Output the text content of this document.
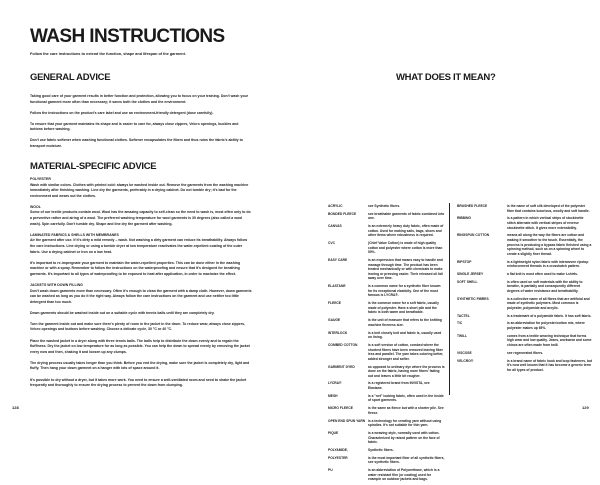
WASH INSTRUCTIONS
Follow the care instructions to extend the function, shape and lifespan of the garment.
GENERAL ADVICE

Taking good care of your garment results in better function and protection, allowing you to focus on your training. Don't wash your functional garment more often than necessary; it saves both the clothes and the environment.

Follow the instructions on the product's care label and use an environment-friendly detergent (dose carefully).

To ensure that your garment maintains its shape and is easier to care for, always close zippers, Velcro openings, buckles and buttons before washing.

Don't use fabric softener when washing functional clothes. Softener encapsulates the fibers and thus ruins the fabric's ability to transport moisture.

MATERIAL-SPECIFIC ADVICE

POLYESTER
Wash with similar colors. Clothes with printed cold: always be washed inside out. Remove the garments from the washing machine immediately after finishing washing. Line dry the garments, preferably in a drying cabinet. Do not tumble dry; it's bad for the environment and wears out the clothes.

WOOL
Some of our textile products contain wool. Wool has the amazing capacity to self-clean so the need to wash is, most often only to do a preventive rather and airing of a wool. The preferred washing temperature for wool garments is 30 degrees (also called a wool wash). Spin carefully. Don't tumble dry. Shape and line dry the garment after washing.

LAMINATED FABRICS & SHELLS WITH MEMBRANES
Air the garment after use. If it's dirty a mild remedy – wash. Not washing a dirty garment can reduce its breathability. Always follow the care instructions. Line drying or using a tumble dryer at low temperature reactivates the water-repellent coating of the outer fabric. Use a drying cabinet or iron on a low heat.

It's important to re-impregnate your garment to maintain the water-repellent properties. This can be done either in the washing machine or with a spray. Remember to follow the instructions on the waterproofing and ensure that it's designed for breathing garments. It's important to all types of waterproofing to be exposed to heat after application, in order to maximize the effect.

JACKETS WITH DOWN FILLING
Don't wash down garments more than necessary. Often it's enough to clean the garment with a damp cloth. However, down garments can be washed as long as you do it the right way. Always follow the care instructions on the garment and use neither too little detergent than too much.

Down garments should be washed inside out on a suitable cycle with tennis balls until they are completely dry.

Turn the garment inside out and make sure there's plenty of room in the jacket in the drum. To reduce wear, always close zippers, Velcro openings and buttons before washing. Choose a delicate cycle, 30 °C or 40 °C.

Place the washed jacket in a dryer along with three tennis balls. The balls help to distribute the down evenly and to regain the fluffiness. Dry the jacket on low temperature for as long as possible. You can help the down to spread evenly by removing the jacket every now and then, shaking it and loosen up any clumps.

The drying process usually takes longer than you think. Before you end the drying, make sure the jacket is completely dry, light and fluffy. Then hang your down garment on a hanger with lots of space around it.

It's possible to dry without a dryer, but it takes more work. You need to ensure a well-ventilated room and need to shake the jacket frequently and thoroughly to ensure the drying process to prevent the down from clumping.

WHAT DOES IT MEAN?
ACRYLIC	see Synthetic fibers.
BONDED FLEECE	see breathable garments of fabric combined into one.
CANVAS	is an extremely heavy duty fabric, often made of cotton. Used for making sails, bags, shoes and other items where robustness is required.
CVC	(Chief Value Cotton) is made of high quality cotton and polyester where cotton is more than 50%.
EASY CARE	is an expression that means easy to handle and manage through time. The product has been treated mechanically or with chemicals to make ironing or pressing easier. Their released oil fall away over time.
ELASTANE	is a common name for a synthetic fiber known for its exceptional elasticity. One of the most famous is LYCRA®.
FLEECE	is the common name for a soft fabric, usually made of polyester. Have a short pile and the fabric is both warm and breathable.
GAUGE	is the unit of measure that refers to the knitting machine fineness size.
INTERLOCK	is a knit closely knit and fabric is, usually used on lining.
COMBED COTTON	is a soft version of cotton, combed where the shortest fibres have been removed leaving fiber less and parallel. The yarn takes coloring better, added stronger and softer.
GARMENT DYED	as opposed to ordinary dye where the process is done on the fabric, having more fibres' fading out and leaves a little bit rougher.
LYCRA®	is a registered brand from INVISTA, see Elastane.
MESH	is a "net" looking fabric, often used in the inside of sport garments.
MICRO FLEECE	is the same as fleece but with a shorter pile. See fleece.
OPEN END SPUN YARN is a technology for creating yarn without using spindles. It's not suitable for thin yarn.
PIQUE	is a weaving style, normally used with cotton. Characterized by raised pattern on the face of fabric.
POLYAMIDE,	Synthetic fibers.
POLYESTER	is the most important fiber of all synthetic fibers, see synthetic fibers.
PU	is an abbreviation of Polyurethane, which is a water resistant film (or coating) used for example on outdoor jackets and bags.
BRUSHED FLEECE	is the name of soft silk developed of the polyester fibre that contains luxurious, woolly and soft handle.
RIBBING	is a pattern in which vertical strips of stockinette stitch alternate with vertical stripes of reverse stockinette stitch. It gives more extensibility.
RINGSPUN COTTON	means all along the way the fibers are cotton and making it smoother to the touch. Essentially, the process is producing a bypass fabric finished using a spinning method, such as on a spinning wheel to create a slightly finer thread.
RIPSTOP	is a lightweight nylon fabric with interwoven ripstop reinforcement threads in a crosshatch pattern.
SINGLE JERSEY	a flat knit is most often used to make t-shirts.
SOFT SHELL	is often used on soft materials with the ability to breathe, is partially and consequently different degrees of water resistance and breathability.
SYNTHETIC FIBRES	is a collective name of all fibres that are artificial and made of synthetic polymers. Most common is polyester, polyamide and acrylic.
TACTEL	is a trademark of a polyamide fabric. It has soft fabric.
T/C	is an abbreviation for polyester/cotton mix, where polyester makes up 65%.
TWILL	comes from a textile weaving technique that forms high wear and low quality. Jeans, workwear and some chinos are often made from twill.
VISCOSE	see regenerated fibers.
VELCRO®	is a brand name of fabric hook and loop fasteners, but it's now well known that it has become a generic term for all types of product.
128	129
